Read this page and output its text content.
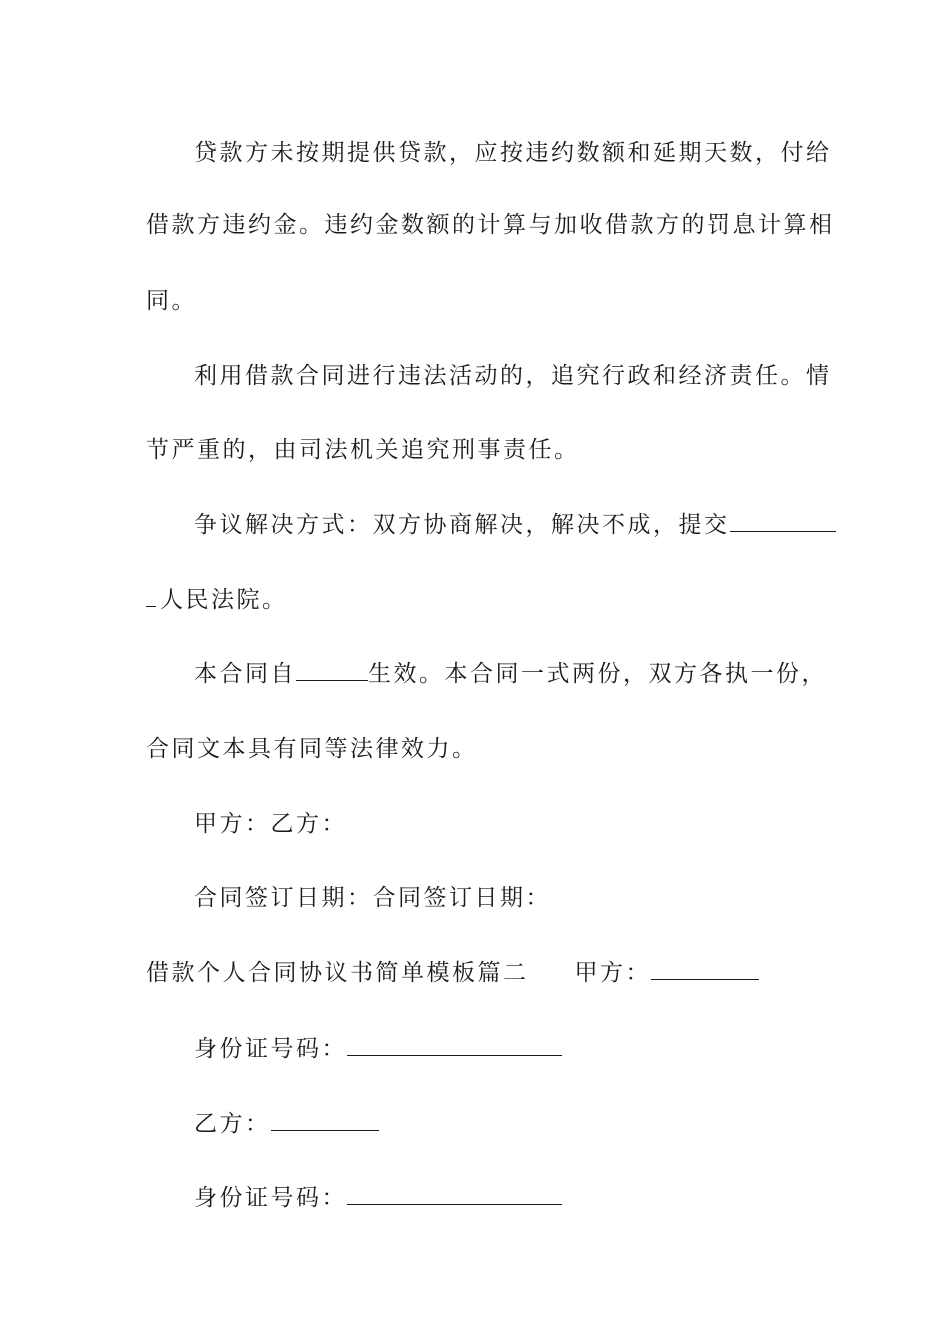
贷款方未按期提供贷款，应按违约数额和延期天数，付给
借款方违约金。违约金数额的计算与加收借款方的罚息计算相
同。
利用借款合同进行违法活动的，追究行政和经济责任。情
节严重的，由司法机关追究刑事责任。
争议解决方式：双方协商解决，解决不成，提交
人民法院。
本合同自	生效。本合同一式两份，双方各执一份，
合同文本具有同等法律效力。
甲方：乙方：
合同签订日期：合同签订日期：
借款个人合同协议书简单模板篇二 甲方：
身份证号码：
乙方：
身份证号码：
